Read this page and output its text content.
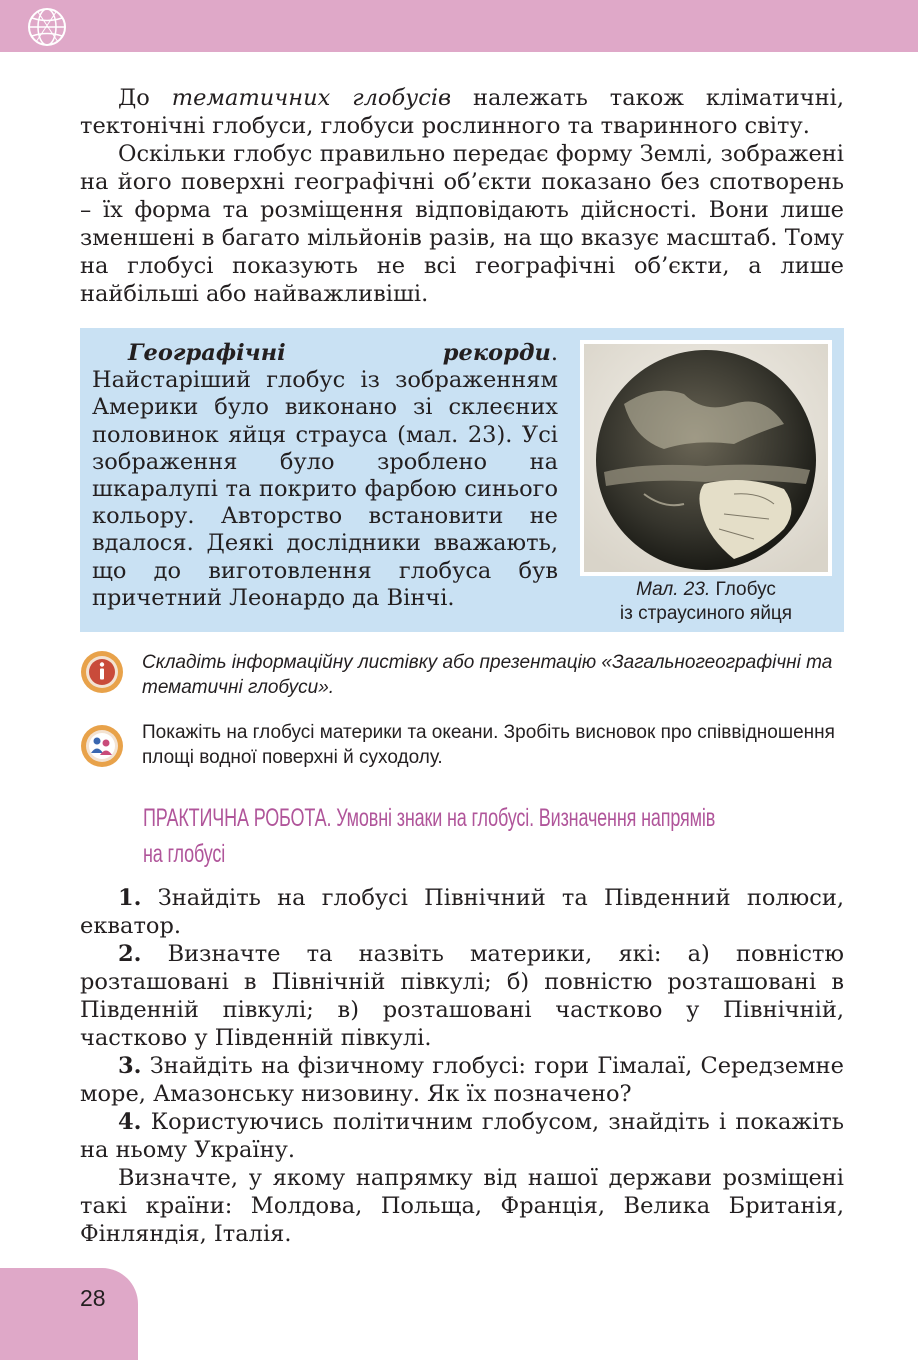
До тематичних глобусів належать також кліматичні, тектонічні глобуси, глобуси рослинного та тваринного світу.

Оскільки глобус правильно передає форму Землі, зображені на його поверхні географічні об’єкти показано без спотворень – їх форма та розміщення відповідають дійсності. Вони лише зменшені в багато мільйонів разів, на що вказує масштаб. Тому на глобусі показують не всі географічні об’єкти, а лише найбільші або найважливіші.

Географічні рекорди. Найстаріший глобус із зображенням Америки було виконано зі склеєних половинок яйця страуса (мал. 23). Усі зображення було зроблено на шкаралупі та покрито фарбою синього кольору. Авторство встановити не вдалося. Деякі дослідники вважають, що до виготовлення глобуса був причетний Леонардо да Вінчі.	Мал. 23. Глобус
із страусиного яйця

Складіть інформаційну листівку або презентацію «Загальногеографічні та тематичні глобуси».

Покажіть на глобусі материки та океани. Зробіть висновок про співвідношення площі водної поверхні й суходолу.

ПРАКТИЧНА РОБОТА. Умовні знаки на глобусі. Визначення напрямів
на глобусі

1. Знайдіть на глобусі Північний та Південний полюси, екватор.

2. Визначте та назвіть материки, які: а) повністю розташовані в Північній півкулі; б) повністю розташовані в Південній півкулі; в) розташовані частково у Північній, частково у Південній півкулі.

3. Знайдіть на фізичному глобусі: гори Гімалаї, Середземне море, Амазонську низовину. Як їх позначено?

4. Користуючись політичним глобусом, знайдіть і покажіть на ньому Україну.

Визначте, у якому напрямку від нашої держави розміщені такі країни: Молдова, Польща, Франція, Велика Британія, Фінляндія, Італія.

28
